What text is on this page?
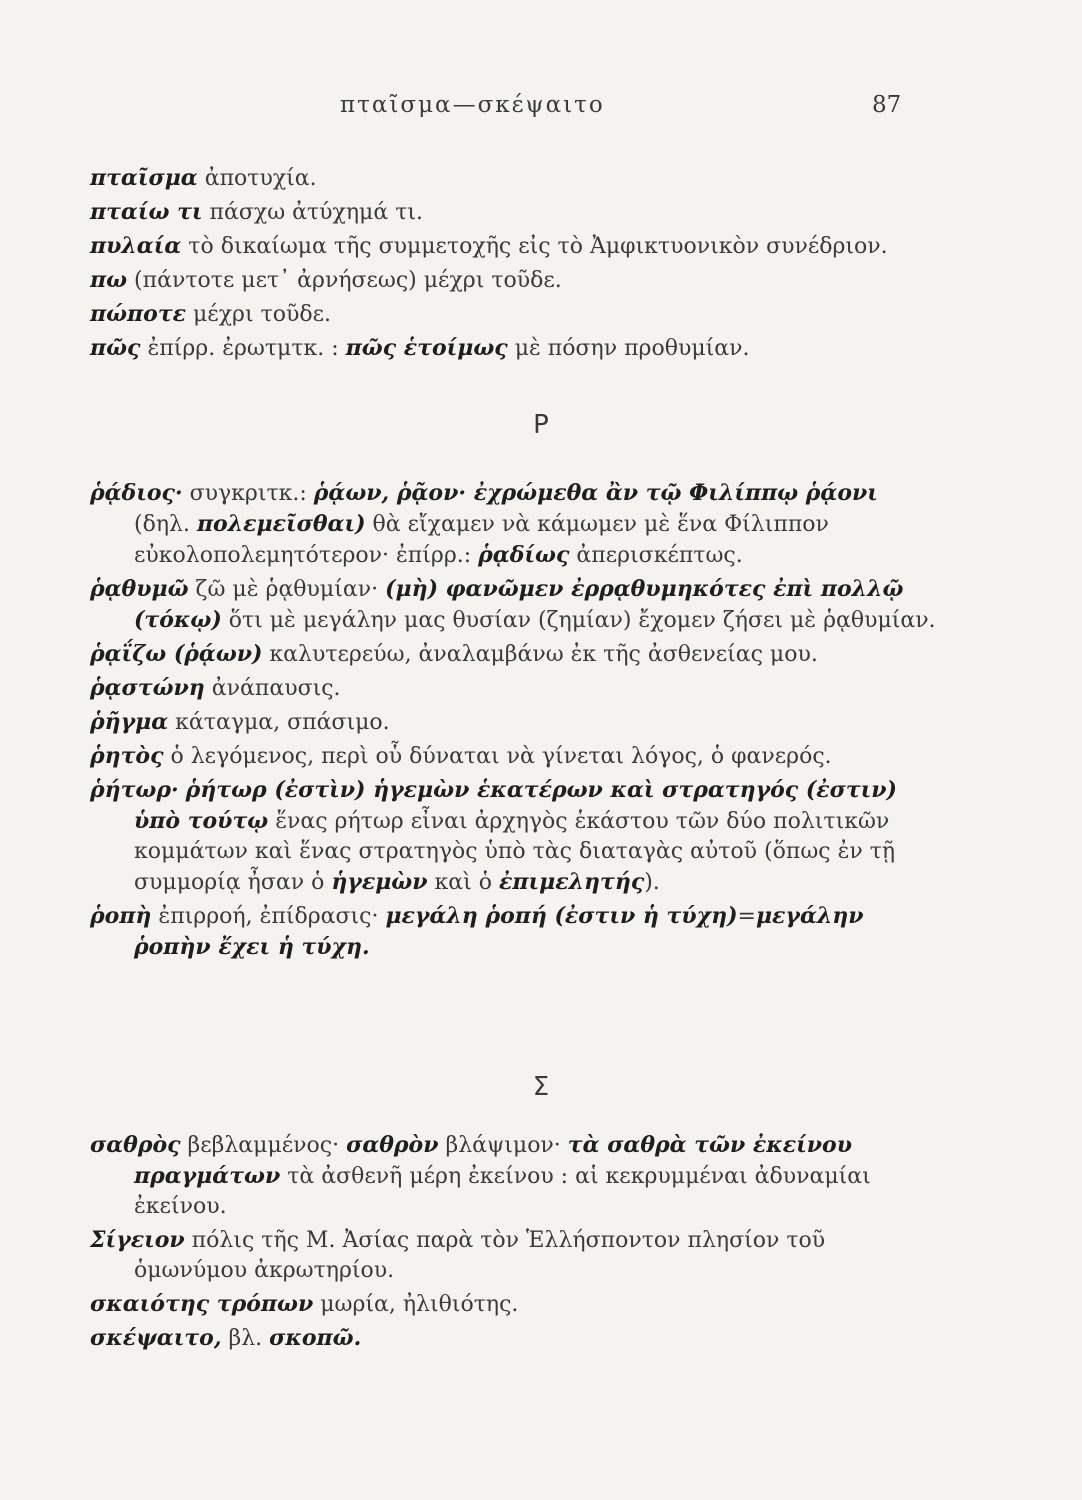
πταῖσμα—σκέψαιτο	87

πταῖσμα ἀποτυχία.

πταίω τι πάσχω ἀτύχημά τι.

πυλαία τὸ δικαίωμα τῆς συμμετοχῆς εἰς τὸ Ἀμφικτυονικὸν συνέδριον.

πω (πάντοτε μετ᾽ ἀρνήσεως) μέχρι τοῦδε.

πώποτε μέχρι τοῦδε.

πῶς ἐπίρρ. ἐρωτμτκ. : πῶς ἑτοίμως μὲ πόσην προθυμίαν.

Ρ

ῥᾴδιος· συγκριτκ.: ῥᾴων, ῥᾷον· ἐχρώμεθα ἂν τῷ Φιλίππῳ ῥᾴονι (δηλ. πολεμεῖσθαι) θὰ εἴχαμεν νὰ κάμωμεν μὲ ἕνα Φίλιππον εὐκολοπολεμητότερον· ἐπίρρ.: ῥᾳδίως ἀπερισκέπτως.

ῥᾳθυμῶ ζῶ μὲ ῥᾳθυμίαν· (μὴ) φανῶμεν ἐρρᾳθυμηκότες ἐπὶ πολλῷ (τόκῳ) ὅτι μὲ μεγάλην μας θυσίαν (ζημίαν) ἔχομεν ζήσει μὲ ῥᾳθυμίαν.

ῥᾳΐζω (ῥᾴων) καλυτερεύω, ἀναλαμβάνω ἐκ τῆς ἀσθενείας μου.

ῥᾳστώνη ἀνάπαυσις.

ῥῆγμα κάταγμα, σπάσιμο.

ῥητὸς ὁ λεγόμενος, περὶ οὗ δύναται νὰ γίνεται λόγος, ὁ φανερός.

ῥήτωρ· ῥήτωρ (ἐστὶν) ἡγεμὼν ἑκατέρων καὶ στρατηγός (ἐστιν) ὑπὸ τούτῳ ἕνας ρήτωρ εἶναι ἀρχηγὸς ἑκάστου τῶν δύο πολιτικῶν κομμάτων καὶ ἕνας στρατηγὸς ὑπὸ τὰς διαταγὰς αὐτοῦ (ὅπως ἐν τῇ συμμορίᾳ ἦσαν ὁ ἡγεμὼν καὶ ὁ ἐπιμελητής).

ῥοπὴ ἐπιρροή, ἐπίδρασις· μεγάλη ῥοπή (ἐστιν ἡ τύχη)=μεγάλην ῥοπὴν ἔχει ἡ τύχη.

Σ

σαθρὸς βεβλαμμένος· σαθρὸν βλάψιμον· τὰ σαθρὰ τῶν ἐκείνου πραγμάτων τὰ ἀσθενῆ μέρη ἐκείνου : αἱ κεκρυμμέναι ἀδυναμίαι ἐκείνου.

Σίγειον πόλις τῆς Μ. Ἀσίας παρὰ τὸν Ἑλλήσποντον πλησίον τοῦ ὁμωνύμου ἀκρωτηρίου.

σκαιότης τρόπων μωρία, ἠλιθιότης.

σκέψαιτο, βλ. σκοπῶ.
